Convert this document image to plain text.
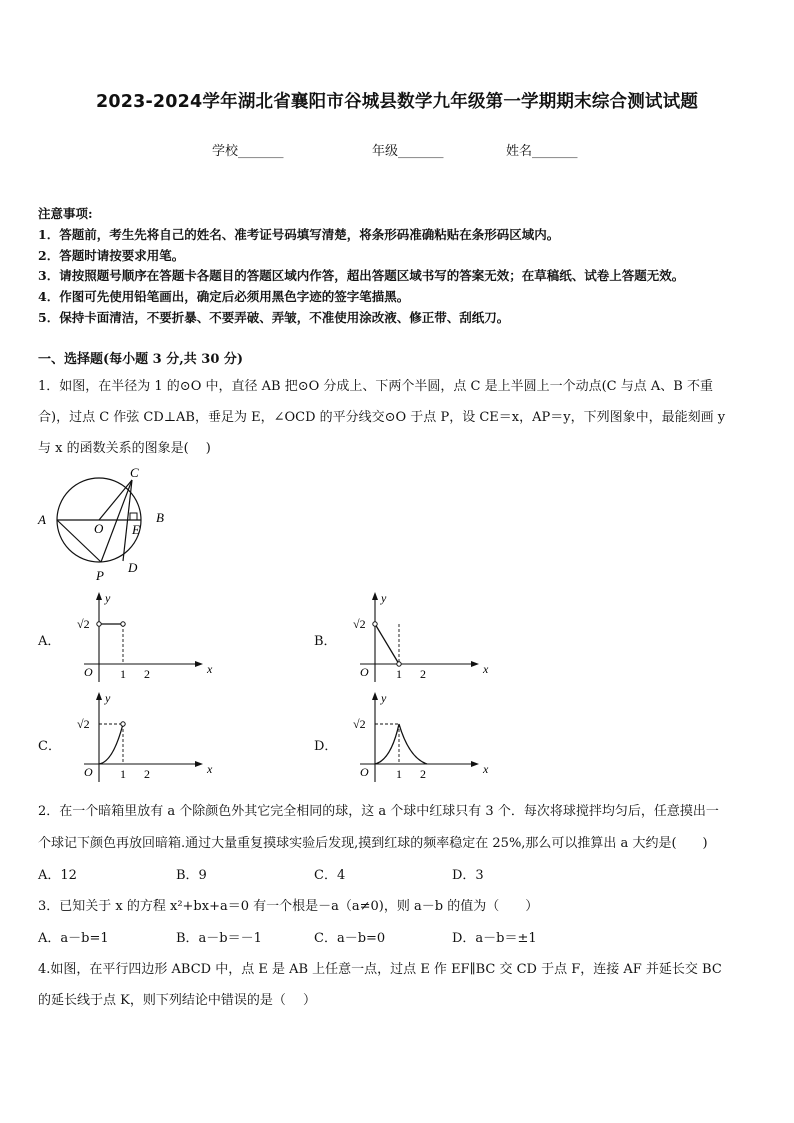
2023-2024学年湖北省襄阳市谷城县数学九年级第一学期期末综合测试试题
学校_______	年级_______	姓名_______
注意事项:
1．答题前，考生先将自己的姓名、准考证号码填写清楚，将条形码准确粘贴在条形码区域内。
2．答题时请按要求用笔。
3．请按照题号顺序在答题卡各题目的答题区域内作答，超出答题区域书写的答案无效；在草稿纸、试卷上答题无效。
4．作图可先使用铅笔画出，确定后必须用黑色字迹的签字笔描黑。
5．保持卡面清洁，不要折暴、不要弄破、弄皱，不准使用涂改液、修正带、刮纸刀。
一、选择题(每小题 3 分,共 30 分)
1．如图，在半径为 1 的⊙O 中，直径 AB 把⊙O 分成上、下两个半圆，点 C 是上半圆上一个动点(C 与点 A、B 不重
合)，过点 C 作弦 CD⊥AB，垂足为 E，∠OCD 的平分线交⊙O 于点 P，设 CE＝x，AP＝y，下列图象中，最能刻画 y
与 x 的函数关系的图象是(　 )
C
A	B
O E
D
P
A．
y
x
O
√2
1 2
B．
y
x
O
√2
1 2
C．
y
x
O
√2
1 2
D．
y
x
O
√2
1 2
2．在一个暗箱里放有 a 个除颜色外其它完全相同的球，这 a 个球中红球只有 3 个．每次将球搅拌均匀后，任意摸出一
个球记下颜色再放回暗箱.通过大量重复摸球实验后发现,摸到红球的频率稳定在 25%,那么可以推算出 a 大约是(　　)
A．12	B．9	C．4	D．3
3．已知关于 x 的方程 x²+bx+a＝0 有一个根是－a（a≠0)，则 a－b 的值为（　　）
A．a－b=1	B．a－b＝－1	C．a－b=0	D．a－b＝±1
4.如图，在平行四边形 ABCD 中，点 E 是 AB 上任意一点，过点 E 作 EF∥BC 交 CD 于点 F，连接 AF 并延长交 BC
的延长线于点 K，则下列结论中错误的是（　 ）
